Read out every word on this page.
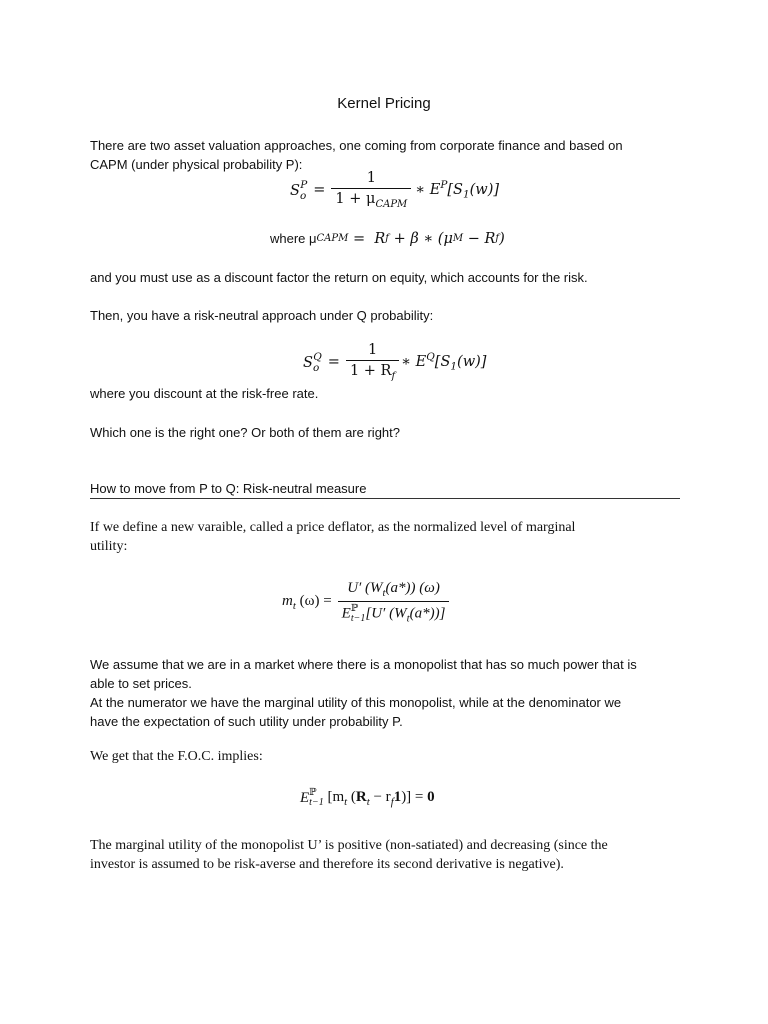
Kernel Pricing
There are two asset valuation approaches, one coming from corporate finance and based on
CAPM (under physical probability P):
$S_o^P = \frac{1}{1 + \mu_{CAPM}}$ ∗ $E^P[S_1(w)]$
where μ CAPM =  R f + β ∗ (μ M − R f )
and you must use as a discount factor the return on equity, which accounts for the risk.
Then, you have a risk-neutral approach under Q probability:
$S_o^Q = \frac{1}{1 + R_f}$ ∗ $E^Q[S_1(w)]$
where you discount at the risk-free rate.
Which one is the right one? Or both of them are right?
How to move from P to Q: Risk-neutral measure
If we define a new varaible, called a price deflator, as the normalized level of marginal
utility:
$m_t$ (ω) = U′ $(W_t(a*))$ (ω)
E ℙ
t−1 [U′ $(W_t(a*))$]
We assume that we are in a market where there is a monopolist that has so much power that is
able to set prices.
At the numerator we have the marginal utility of this monopolist, while at the denominator we
have the expectation of such utility under probability P.
We get that the F.O.C. implies:
E ℙ
t−1 [$m_t$ $(R_t - r_f1)] = 0$
The marginal utility of the monopolist U’ is positive (non-satiated) and decreasing (since the
investor is assumed to be risk-averse and therefore its second derivative is negative).
